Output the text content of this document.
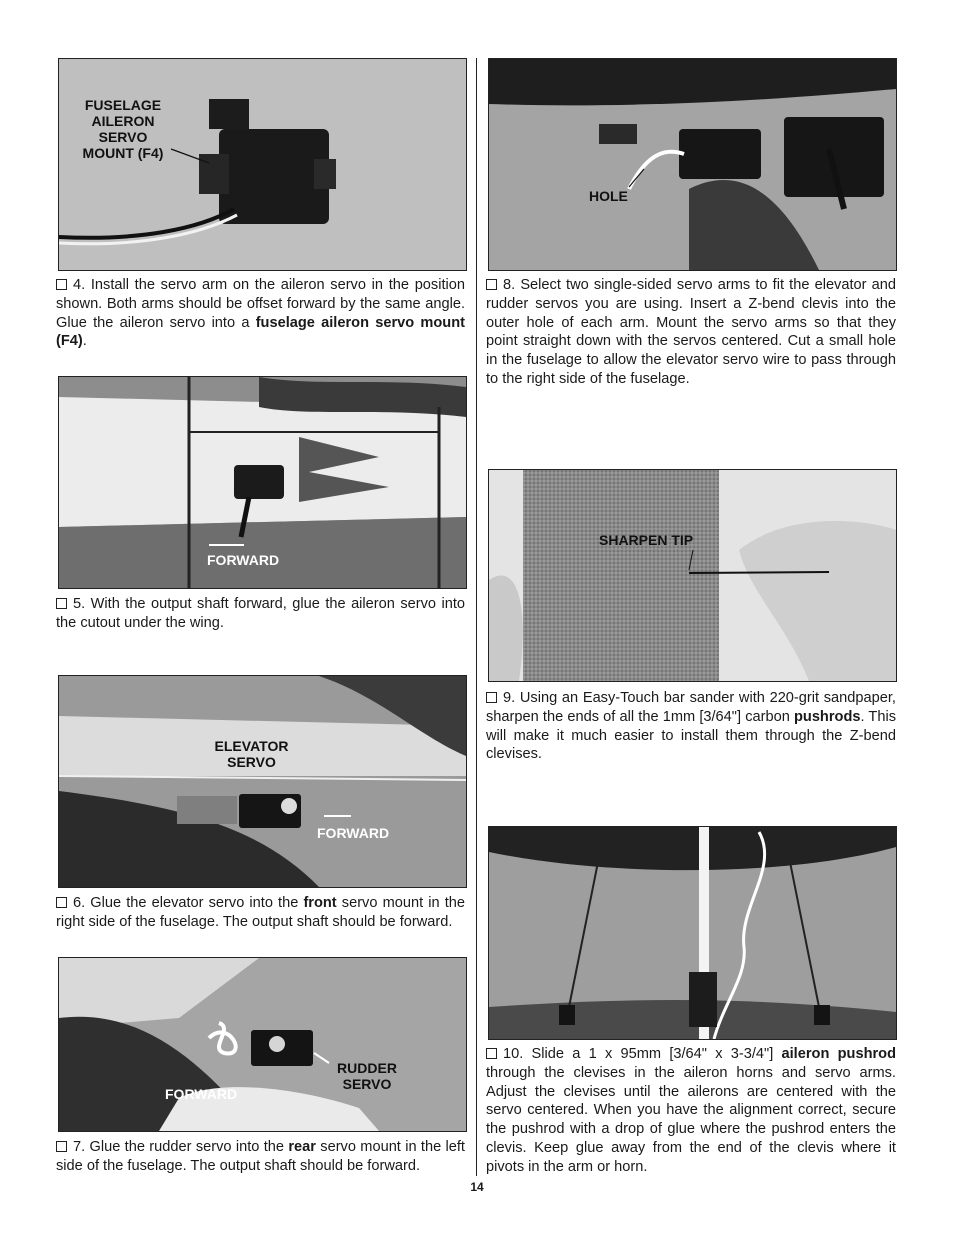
FUSELAGE
AILERON
SERVO
MOUNT (F4)
4. Install the servo arm on the aileron servo in the position shown. Both arms should be offset forward by the same angle. Glue the aileron servo into a fuselage aileron servo mount (F4).
FORWARD
5. With the output shaft forward, glue the aileron servo into the cutout under the wing.
ELEVATOR
SERVO
FORWARD
6. Glue the elevator servo into the front servo mount in the right side of the fuselage. The output shaft should be forward.
RUDDER
SERVO
FORWARD
7. Glue the rudder servo into the rear servo mount in the left side of the fuselage. The output shaft should be forward.
HOLE
8. Select two single-sided servo arms to fit the elevator and rudder servos you are using. Insert a Z-bend clevis into the outer hole of each arm. Mount the servo arms so that they point straight down with the servos centered. Cut a small hole in the fuselage to allow the elevator servo wire to pass through to the right side of the fuselage.
SHARPEN TIP
9. Using an Easy-Touch bar sander with 220-grit sandpaper, sharpen the ends of all the 1mm [3/64"] carbon pushrods. This will make it much easier to install them through the Z-bend clevises.
10. Slide a 1 x 95mm [3/64" x 3-3/4"] aileron pushrod through the clevises in the aileron horns and servo arms. Adjust the clevises until the ailerons are centered with the servo centered. When you have the alignment correct, secure the pushrod with a drop of glue where the pushrod enters the clevis. Keep glue away from the end of the clevis where it pivots in the arm or horn.
14
